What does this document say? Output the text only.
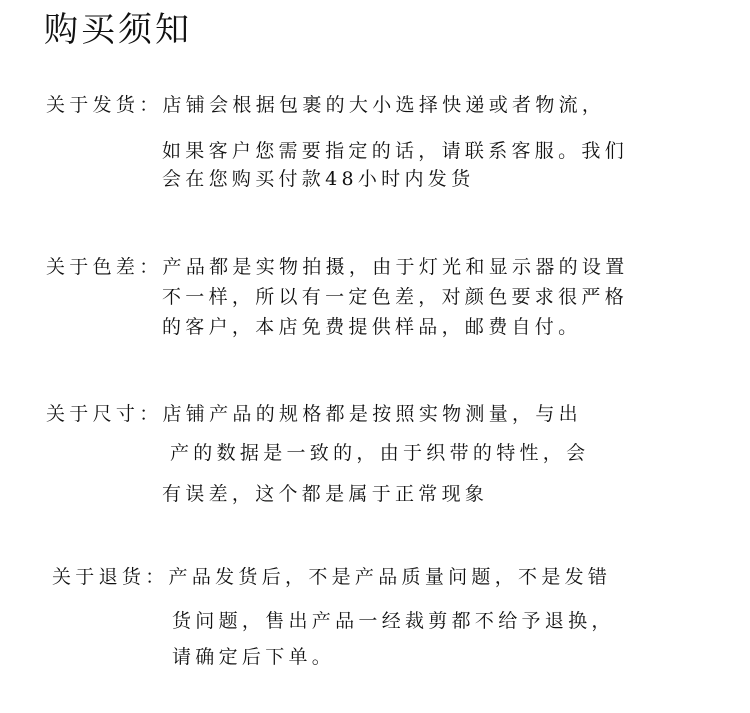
购买须知
关于发货：店铺会根据包裹的大小选择快递或者物流，
如果客户您需要指定的话，请联系客服。我们
会在您购买付款48小时内发货
关于色差：产品都是实物拍摄，由于灯光和显示器的设置
不一样，所以有一定色差，对颜色要求很严格
的客户，本店免费提供样品，邮费自付。
关于尺寸：店铺产品的规格都是按照实物测量，与出
产的数据是一致的，由于织带的特性，会
有误差，这个都是属于正常现象
关于退货：产品发货后，不是产品质量问题，不是发错
货问题，售出产品一经裁剪都不给予退换，
请确定后下单。
